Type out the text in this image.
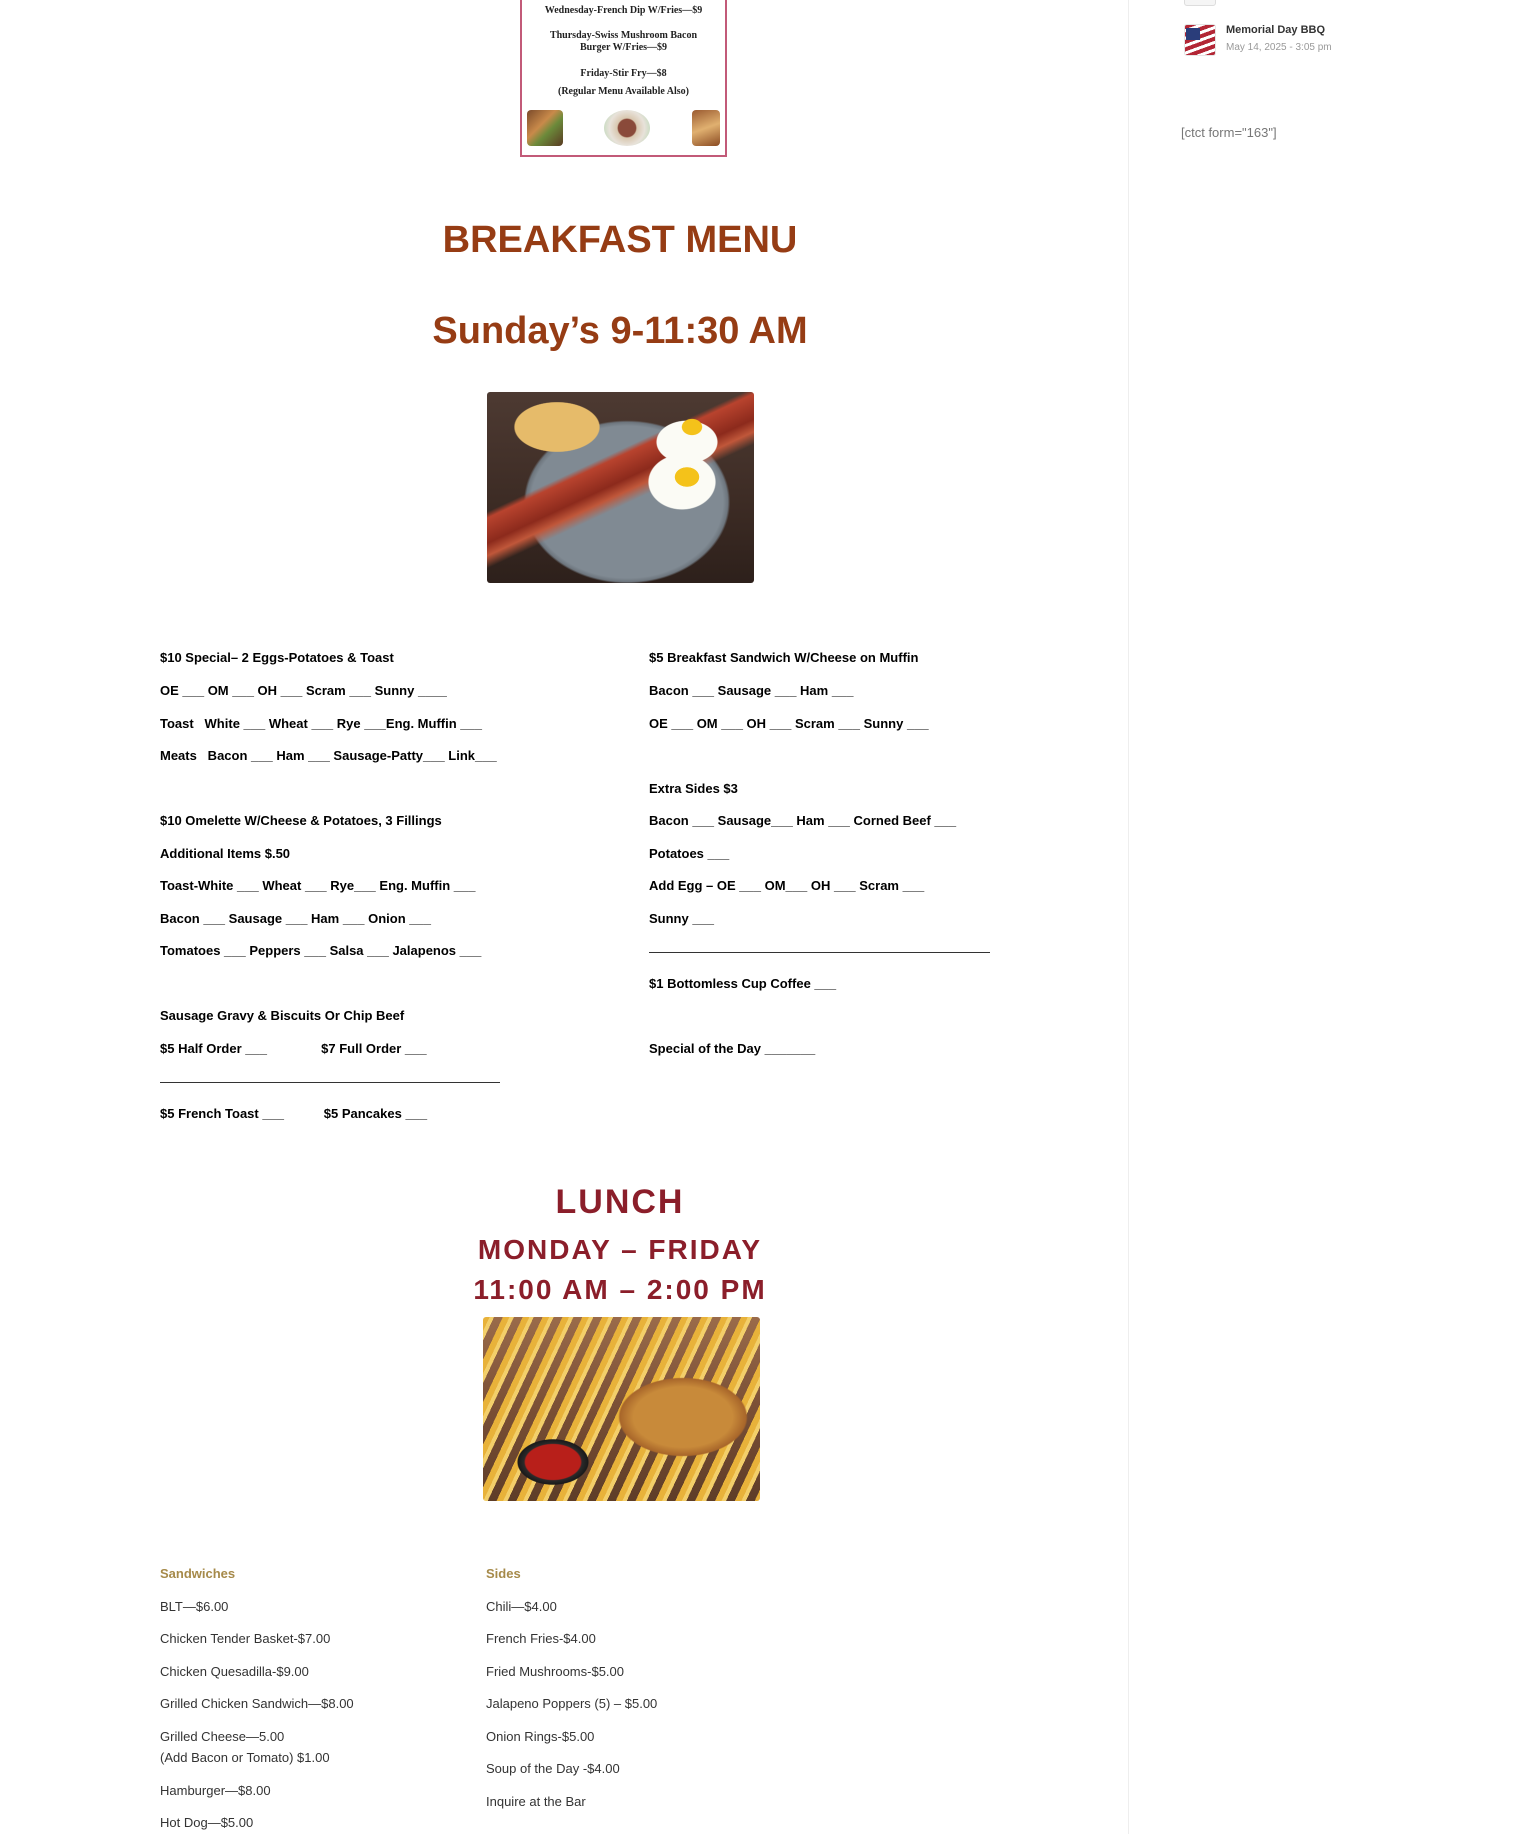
Wednesday-French Dip W/Fries—$9
Thursday-Swiss Mushroom Bacon
Burger W/Fries—$9
Friday-Stir Fry—$8
(Regular Menu Available Also)
BREAKFAST MENU
Sunday’s 9-11:30 AM
$10 Special– 2 Eggs-Potatoes & Toast
OE ___ OM ___ OH ___ Scram ___ Sunny ____
Toast   White ___ Wheat ___ Rye ___Eng. Muffin ___
Meats   Bacon ___ Ham ___ Sausage-Patty___ Link___
$10 Omelette W/Cheese & Potatoes, 3 Fillings
Additional Items $.50
Toast-White ___ Wheat ___ Rye___ Eng. Muffin ___
Bacon ___ Sausage ___ Ham ___ Onion ___
Tomatoes ___ Peppers ___ Salsa ___ Jalapenos ___
Sausage Gravy & Biscuits Or Chip Beef
$5 Half Order ___               $7 Full Order ___
$5 French Toast ___           $5 Pancakes ___
$5 Breakfast Sandwich W/Cheese on Muffin
Bacon ___ Sausage ___ Ham ___
OE ___ OM ___ OH ___ Scram ___ Sunny ___
Extra Sides $3
Bacon ___ Sausage___ Ham ___ Corned Beef ___
Potatoes ___
Add Egg – OE ___ OM___ OH ___ Scram ___
Sunny ___
$1 Bottomless Cup Coffee ___
Special of the Day _______
LUNCH
MONDAY – FRIDAY
11:00 AM – 2:00 PM
Sandwiches
BLT—$6.00
Chicken Tender Basket-$7.00
Chicken Quesadilla-$9.00
Grilled Chicken Sandwich—$8.00
Grilled Cheese—5.00
(Add Bacon or Tomato) $1.00
Hamburger—$8.00
Hot Dog—$5.00
Sides
Chili—$4.00
French Fries-$4.00
Fried Mushrooms-$5.00
Jalapeno Poppers (5) – $5.00
Onion Rings-$5.00
Soup of the Day -$4.00
Inquire at the Bar
Memorial Day BBQ
May 14, 2025 - 3:05 pm
[ctct form="163"]
